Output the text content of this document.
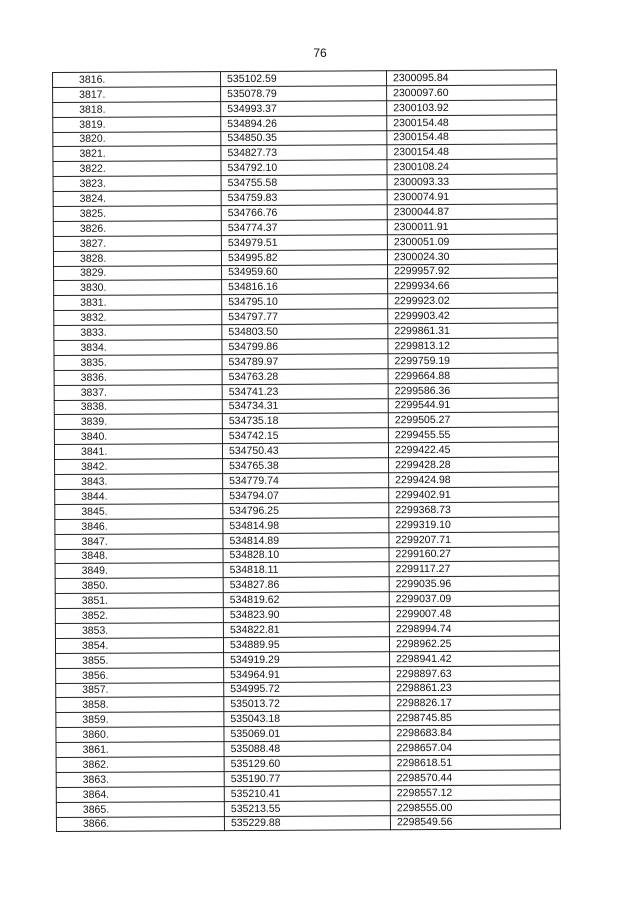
76
3816.	535102.59	2300095.84
3817.	535078.79	2300097.60
3818.	534993.37	2300103.92
3819.	534894.26	2300154.48
3820.	534850.35	2300154.48
3821.	534827.73	2300154.48
3822.	534792.10	2300108.24
3823.	534755.58	2300093.33
3824.	534759.83	2300074.91
3825.	534766.76	2300044.87
3826.	534774.37	2300011.91
3827.	534979.51	2300051.09
3828.	534995.82	2300024.30
3829.	534959.60	2299957.92
3830.	534816.16	2299934.66
3831.	534795.10	2299923.02
3832.	534797.77	2299903.42
3833.	534803.50	2299861.31
3834.	534799.86	2299813.12
3835.	534789.97	2299759.19
3836.	534763.28	2299664.88
3837.	534741.23	2299586.36
3838.	534734.31	2299544.91
3839.	534735.18	2299505.27
3840.	534742.15	2299455.55
3841.	534750.43	2299422.45
3842.	534765.38	2299428.28
3843.	534779.74	2299424.98
3844.	534794.07	2299402.91
3845.	534796.25	2299368.73
3846.	534814.98	2299319.10
3847.	534814.89	2299207.71
3848.	534828.10	2299160.27
3849.	534818.11	2299117.27
3850.	534827.86	2299035.96
3851.	534819.62	2299037.09
3852.	534823.90	2299007.48
3853.	534822.81	2298994.74
3854.	534889.95	2298962.25
3855.	534919.29	2298941.42
3856.	534964.91	2298897.63
3857.	534995.72	2298861.23
3858.	535013.72	2298826.17
3859.	535043.18	2298745.85
3860.	535069.01	2298683.84
3861.	535088.48	2298657.04
3862.	535129.60	2298618.51
3863.	535190.77	2298570.44
3864.	535210.41	2298557.12
3865.	535213.55	2298555.00
3866.	535229.88	2298549.56
